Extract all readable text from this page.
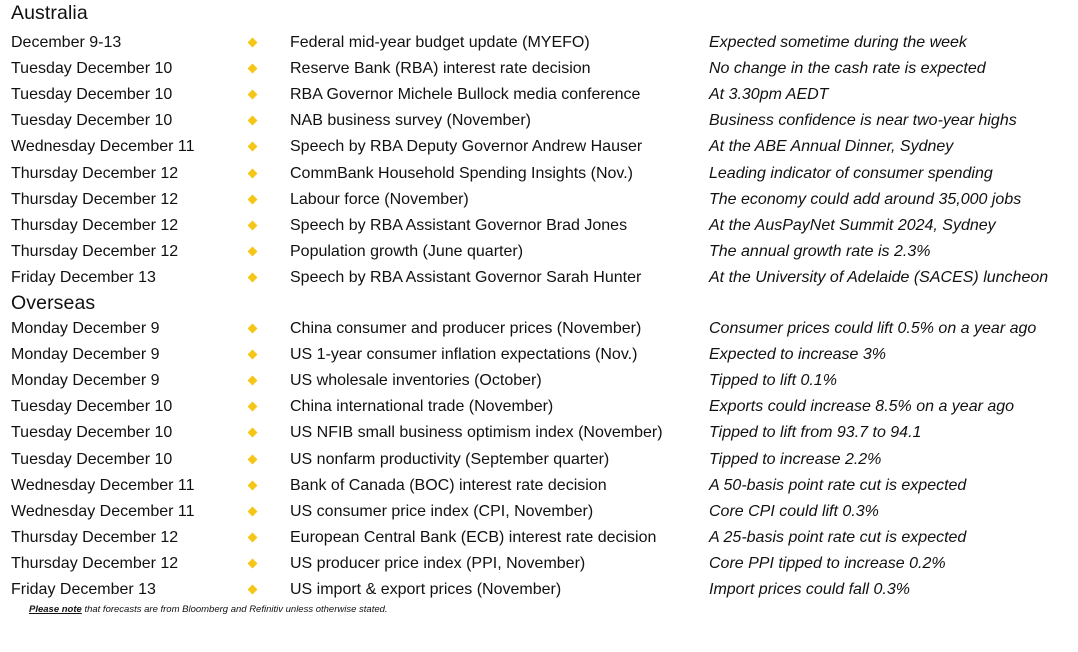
Australia
December 9-13	Federal mid-year budget update (MYEFO)	Expected sometime during the week
Tuesday December 10	Reserve Bank (RBA) interest rate decision	No change in the cash rate is expected
Tuesday December 10	RBA Governor Michele Bullock media conference	At 3.30pm AEDT
Tuesday December 10	NAB business survey (November)	Business confidence is near two-year highs
Wednesday December 11	Speech by RBA Deputy Governor Andrew Hauser	At the ABE Annual Dinner, Sydney
Thursday December 12	CommBank Household Spending Insights (Nov.)	Leading indicator of consumer spending
Thursday December 12	Labour force (November)	The economy could add around 35,000 jobs
Thursday December 12	Speech by RBA Assistant Governor Brad Jones	At the AusPayNet Summit 2024, Sydney
Thursday December 12	Population growth (June quarter)	The annual growth rate is 2.3%
Friday December 13	Speech by RBA Assistant Governor Sarah Hunter	At the University of Adelaide (SACES) luncheon
Overseas
Monday December 9	China consumer and producer prices (November)	Consumer prices could lift 0.5% on a year ago
Monday December 9	US 1-year consumer inflation expectations (Nov.)	Expected to increase 3%
Monday December 9	US wholesale inventories (October)	Tipped to lift 0.1%
Tuesday December 10	China international trade (November)	Exports could increase 8.5% on a year ago
Tuesday December 10	US NFIB small business optimism index (November)	Tipped to lift from 93.7 to 94.1
Tuesday December 10	US nonfarm productivity (September quarter)	Tipped to increase 2.2%
Wednesday December 11	Bank of Canada (BOC) interest rate decision	A 50-basis point rate cut is expected
Wednesday December 11	US consumer price index (CPI, November)	Core CPI could lift 0.3%
Thursday December 12	European Central Bank (ECB) interest rate decision	A 25-basis point rate cut is expected
Thursday December 12	US producer price index (PPI, November)	Core PPI tipped to increase 0.2%
Friday December 13	US import & export prices (November)	Import prices could fall 0.3%
Please note that forecasts are from Bloomberg and Refinitiv unless otherwise stated.
